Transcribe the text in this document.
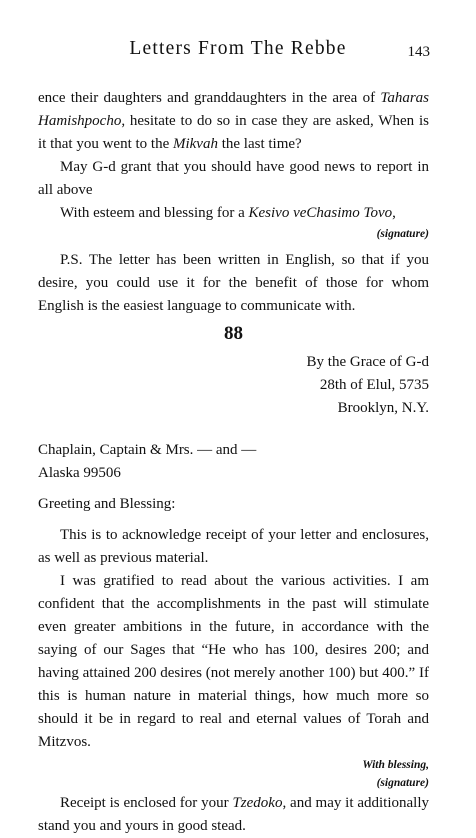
Letters From The Rebbe	143

ence their daughters and granddaughters in the area of Taharas Hamishpocho, hesitate to do so in case they are asked, When is it that you went to the Mikvah the last time?

May G-d grant that you should have good news to report in all above

With esteem and blessing for a Kesivo veChasimo Tovo,

(signature)

P.S. The letter has been written in English, so that if you desire, you could use it for the benefit of those for whom English is the easiest language to communicate with.

88

By the Grace of G-d

28th of Elul, 5735

Brooklyn, N.Y.

Chaplain, Captain & Mrs. — and —

Alaska 99506

Greeting and Blessing:

This is to acknowledge receipt of your letter and enclosures, as well as previous material.

I was gratified to read about the various activities. I am confident that the accomplishments in the past will stimulate even greater ambitions in the future, in accordance with the saying of our Sages that “He who has 100, desires 200; and having attained 200 desires (not merely another 100) but 400.” If this is human nature in material things, how much more so should it be in regard to real and eternal values of Torah and Mitzvos.

With blessing,

(signature)

Receipt is enclosed for your Tzedoko, and may it additionally stand you and yours in good stead.
